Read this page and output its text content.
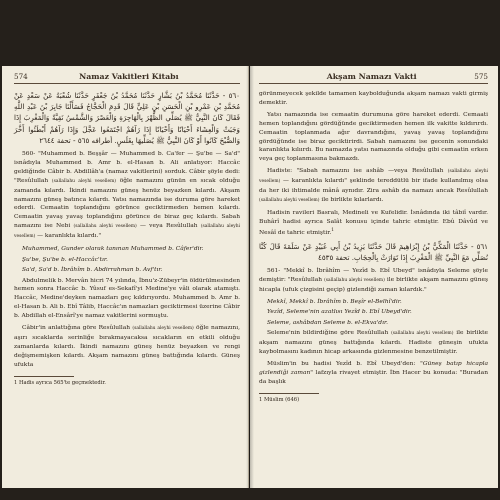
574	Namaz Vakitleri Kitabı

٥٦٠ - حَدَّثَنَا مُحَمَّدُ بْنُ بَشَّارٍ حَدَّثَنَا مُحَمَّدُ بْنُ جَعْفَرٍ حَدَّثَنَا شُعْبَةُ عَنْ سَعْدٍ عَنْ مُحَمَّدِ بْنِ عَمْرِو بْنِ الْحَسَنِ بْنِ عَلِيٍّ قَالَ قَدِمَ الْحَجَّاجُ فَسَأَلْنَا جَابِرَ بْنَ عَبْدِ اللَّهِ فَقَالَ كَانَ النَّبِيُّ ﷺ يُصَلِّي الظُّهْرَ بِالْهَاجِرَةِ وَالْعَصْرَ وَالشَّمْسُ نَقِيَّةٌ وَالْمَغْرِبَ إِذَا وَجَبَتْ وَالْعِشَاءَ أَحْيَانًا وَأَحْيَانًا إِذَا رَآهُمْ اجْتَمَعُوا عَجَّلَ وَإِذَا رَآهُمْ أَبْطَئُوا أَخَّرَ وَالصُّبْحَ كَانُوا أَوْ كَانَ النَّبِيُّ ﷺ يُصَلِّيهَا بِغَلَسٍ. أطرافه ٥٦٥ - تحفة ٢٦٤٤

560- "Muhammed b. Beşşâr — Muhammed b. Ca'fer — Şu'be — Sa'd" isnâdıyla Muhammed b. Amr b. el-Hasan b. Ali anlatıyor: Haccâc geldiğinde Câbir b. Abdillâh'a (namaz vakitlerini) sorduk. Câbir şöyle dedi: "Resûlullah (sallallahu aleyhi vesellem) öğle namazını günün en sıcak olduğu zamanda kılardı. İkindi namazını güneş henüz beyazken kılardı. Akşam namazını güneş batınca kılardı. Yatsı namazında ise duruma göre hareket ederdi. Cemaatin toplandığını görünce geciktirmeden hemen kılardı. Cemaatin yavaş yavaş toplandığını görünce de biraz geç kılardı. Sabah namazını ise Nebi (sallallahu aleyhi vesellem) — veya Resûlullah (sallallahu aleyhi vesellem) — karanlıkta kılardı."

Muhammed, Gunder olarak tanınan Muhammed b. Câfer'dir.

Şu'be, Şu'be b. el-Haccâc'tır.

Sa'd, Sa'd b. İbrâhîm b. Abdirrahman b. Avf'tır.

Abdulmelik b. Mervân hicri 74 yılında, İbnu'z-Zübeyr'in öldürülmesinden hemen sonra Haccâc b. Yûsuf es-Sekafî'yi Medine'ye vâli olarak atamıştı. Haccâc, Medine'deyken namazları geç kıldırıyordu. Muhammed b. Amr b. el-Hasan b. Ali b. Ebî Tâlib, Haccâc'ın namazları geciktirmesi üzerine Câbir b. Abdillah el-Ensârî'ye namaz vakitlerini sormuştu.

Câbir'in anlattığına göre Resûlullah (sallallahu aleyhi vesellem) öğle namazını, aşırı sıcaklarda serinliğe bırakmayacaksa sıcakların en etkili olduğu zamanlarda kılardı. İkindi namazını güneş henüz beyazken ve rengi değişmemişken kılardı. Akşam namazını güneş battığında kılardı. Güneş ufukta

1 Hadis ayrıca 565'te geçmektedir.
Akşam Namazı Vakti	575

görünmeyecek şekilde tamamen kaybolduğunda akşam namazı vakti girmiş demektir.

Yatsı namazında ise cemaatin durumuna göre hareket ederdi. Cemaati hemen toplandığını gördüğünde geciktirmeden hemen ilk vakitte kıldırırdı. Cemaatin toplanmada ağır davrandığını, yavaş yavaş toplandığını gördüğünde ise biraz geciktirirdi. Sabah namazını ise gecenin sonundaki karanlıkta kılıırdı. Bu namazda yatsı namazında olduğu gibi cemaatin erken veya geç toplanmasına bakmazdı.

Hadiste: "Sabah namazını ise ashâb —veya Resûlullah (sallallahu aleyhi vesellem) — karanlıkta kılardı" şeklinde tereddütlü bir ifade kullanılmış olsa da her iki ihtimalde mânâ aynıdır. Zira ashâb da namazı ancak Resûlullah (sallallahu aleyhi vesellem) ile birlikte kılarlardı.

Hadisin ravileri Basralı, Medineli ve Kufelidir. İsnâdında iki tâbiî vardır. Buhârî hadisi ayrıca Salât konusu içinde tahric etmiştir. Ebû Dâvûd ve Nesâî de tahric etmiştir.$^1$

٥٦١ - حَدَّثَنَا الْمَكِّيُّ بْنُ إِبْرَاهِيمَ قَالَ حَدَّثَنَا يَزِيدُ بْنُ أَبِي عُبَيْدٍ عَنْ سَلَمَةَ قَالَ كُنَّا نُصَلِّي مَعَ النَّبِيِّ ﷺ الْمَغْرِبَ إِذَا تَوَارَتْ بِالْحِجَابِ. تحفة ٤٥٣٥

561- "Mekkî b. İbrâhîm — Yezîd b. Ebî Ubeyd" isnâdıyla Seleme şöyle demiştir: "Resûlullah (sallallahu aleyhi vesellem) ile birlikte akşam namazını güneş hicapla (ufuk çizgisini geçip) gizlendiği zaman kılardık."

Mekkî, Mekkî b. İbrâhîm b. Beşîr el-Belhî'dir.

Yezîd, Seleme'nin azatlısı Yezîd b. Ebî Ubeyd'dir.

Seleme, ashâbdan Seleme b. el-Ekva'dır.

Seleme'nin bildirdiğine göre Resûlullah (sallallahu aleyhi vesellem) ile birlikte akşam namazını güneş battığında kılardı. Hadiste güneşin ufukta kaybolmasını kadının hicap arkasında gizlenmesine benzetilmiştir.

Müslim'in bu hadisi Yezîd b. Ebî Ubeyd'den: "Güneş batıp hicapla gizlendiği zaman" lafzıyla rivayet etmiştir. İbn Hacer bu konuda: "Buradan da başlık

1 Müslim (646)
